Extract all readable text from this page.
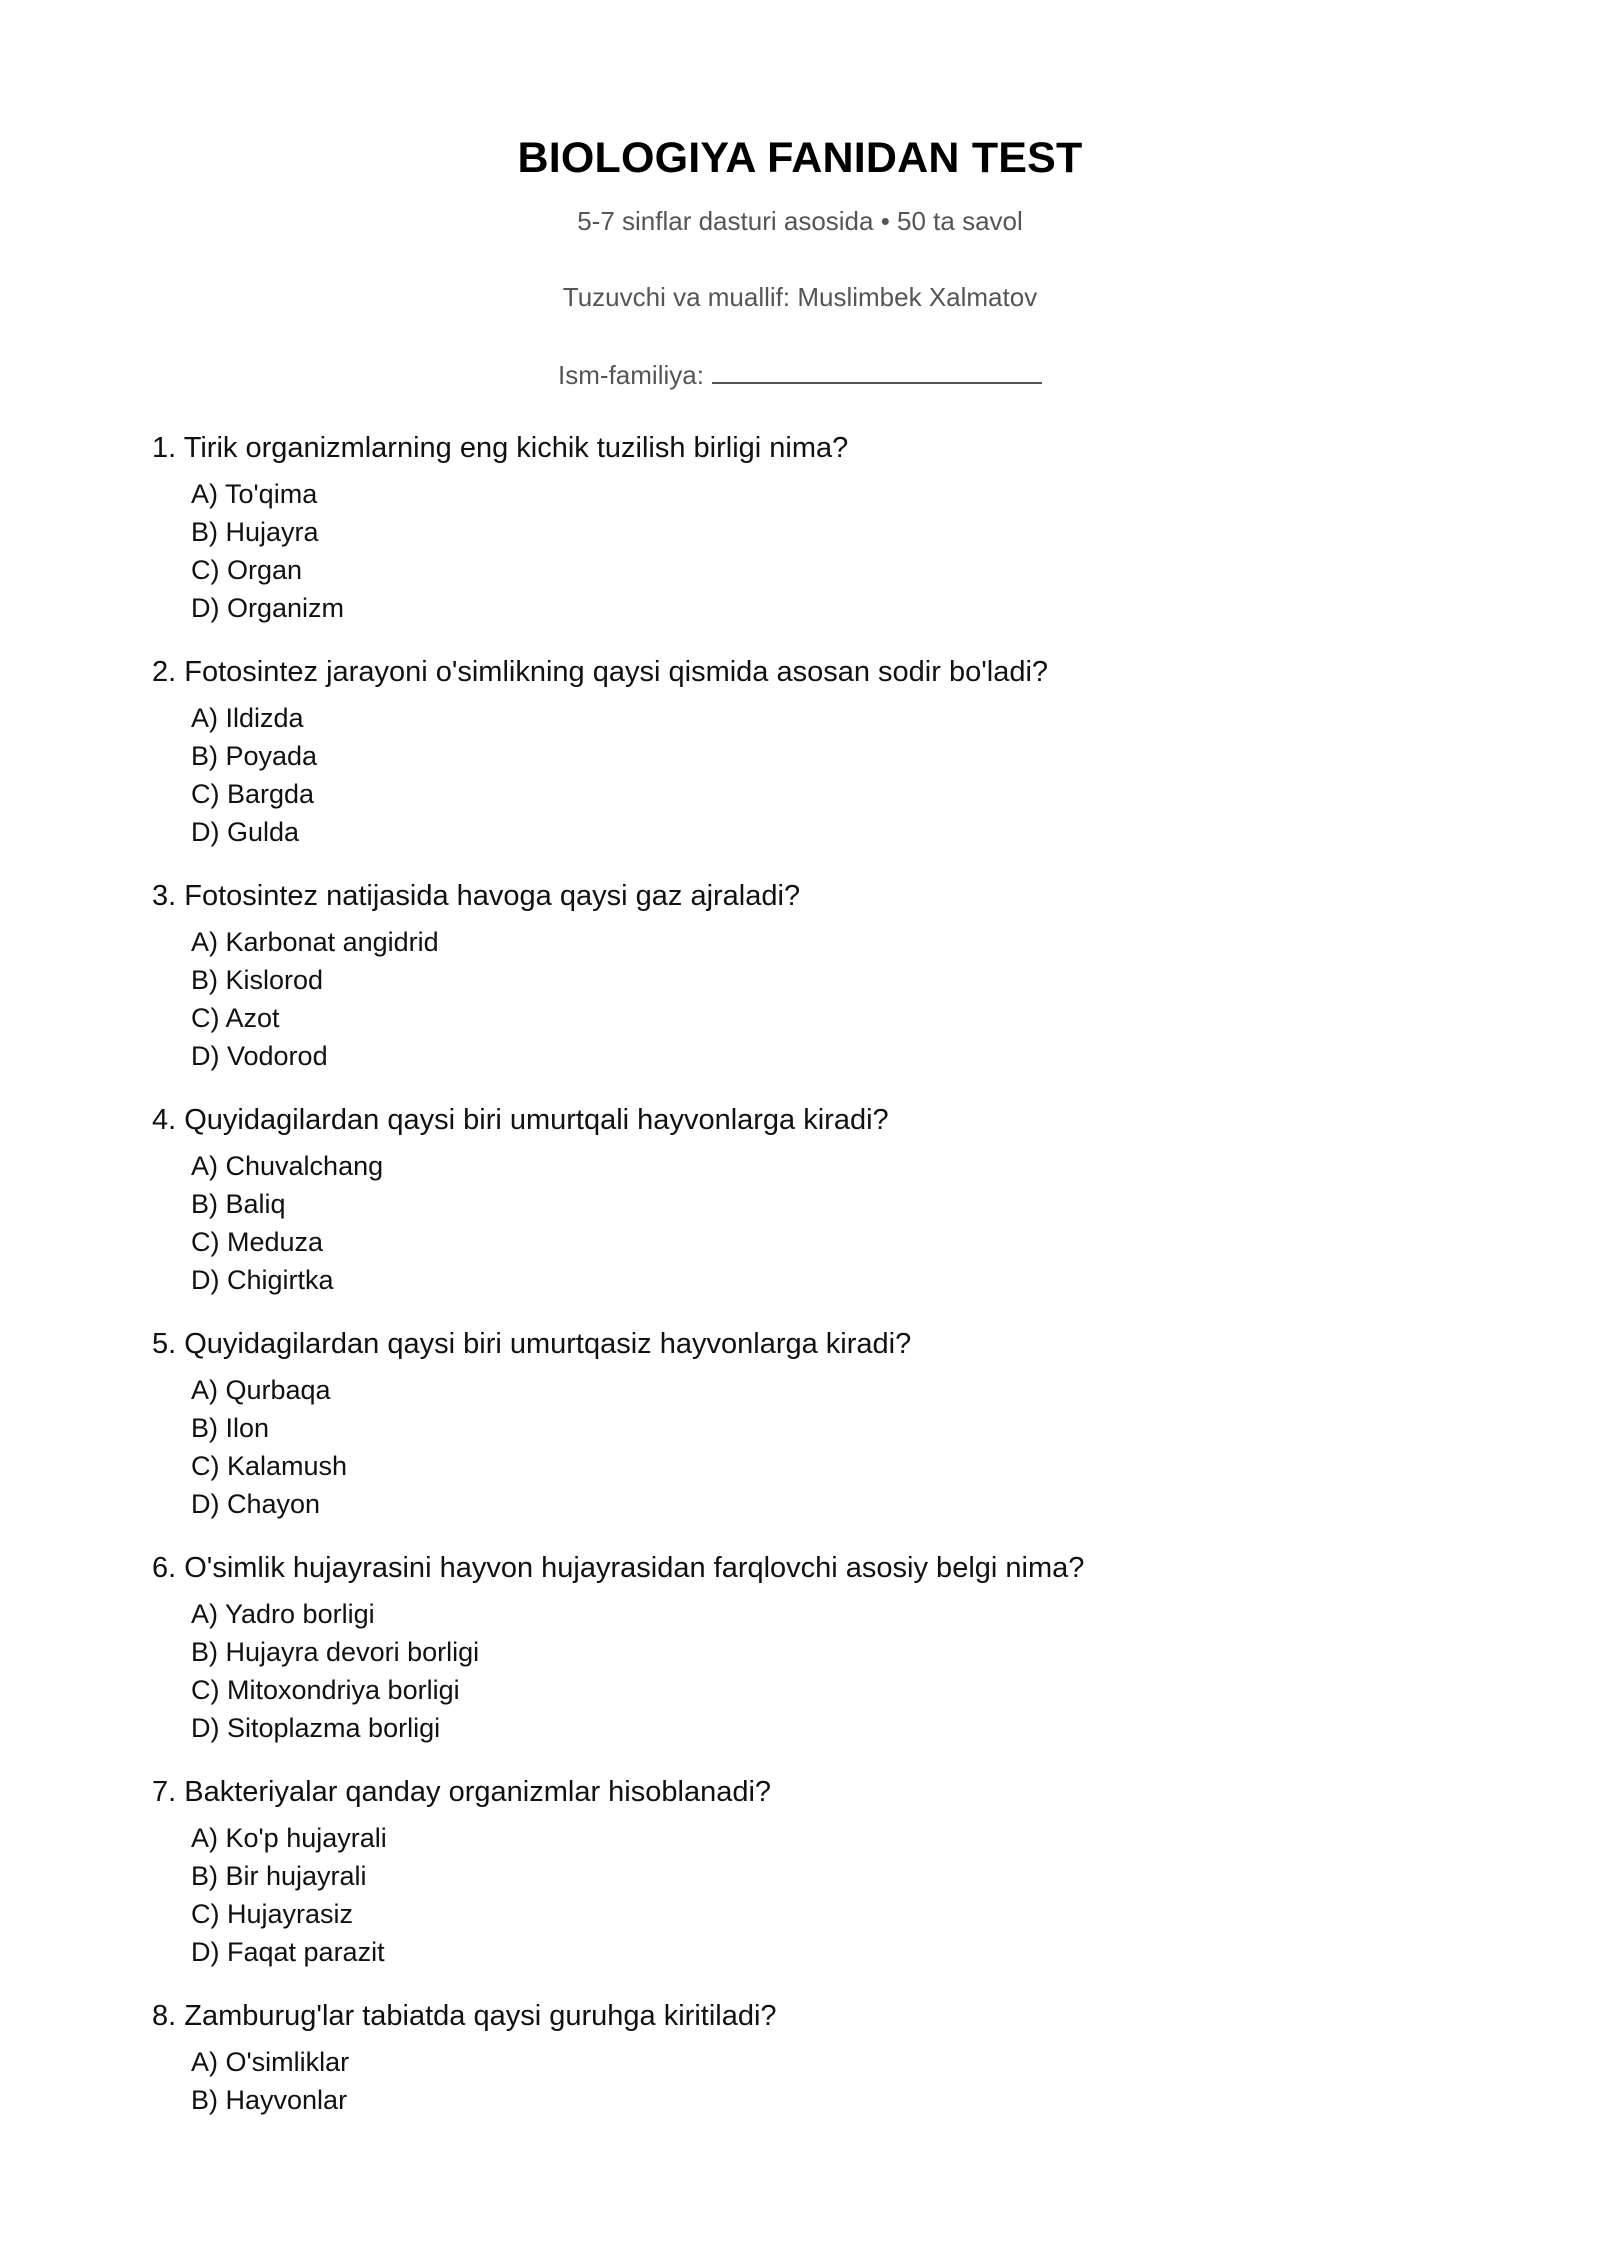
BIOLOGIYA FANIDAN TEST
5-7 sinflar dasturi asosida • 50 ta savol
Tuzuvchi va muallif: Muslimbek Xalmatov
Ism-familiya:
1. Tirik organizmlarning eng kichik tuzilish birligi nima?
A) To'qima
B) Hujayra
C) Organ
D) Organizm
2. Fotosintez jarayoni o'simlikning qaysi qismida asosan sodir bo'ladi?
A) Ildizda
B) Poyada
C) Bargda
D) Gulda
3. Fotosintez natijasida havoga qaysi gaz ajraladi?
A) Karbonat angidrid
B) Kislorod
C) Azot
D) Vodorod
4. Quyidagilardan qaysi biri umurtqali hayvonlarga kiradi?
A) Chuvalchang
B) Baliq
C) Meduza
D) Chigirtka
5. Quyidagilardan qaysi biri umurtqasiz hayvonlarga kiradi?
A) Qurbaqa
B) Ilon
C) Kalamush
D) Chayon
6. O'simlik hujayrasini hayvon hujayrasidan farqlovchi asosiy belgi nima?
A) Yadro borligi
B) Hujayra devori borligi
C) Mitoxondriya borligi
D) Sitoplazma borligi
7. Bakteriyalar qanday organizmlar hisoblanadi?
A) Ko'p hujayrali
B) Bir hujayrali
C) Hujayrasiz
D) Faqat parazit
8. Zamburug'lar tabiatda qaysi guruhga kiritiladi?
A) O'simliklar
B) Hayvonlar
